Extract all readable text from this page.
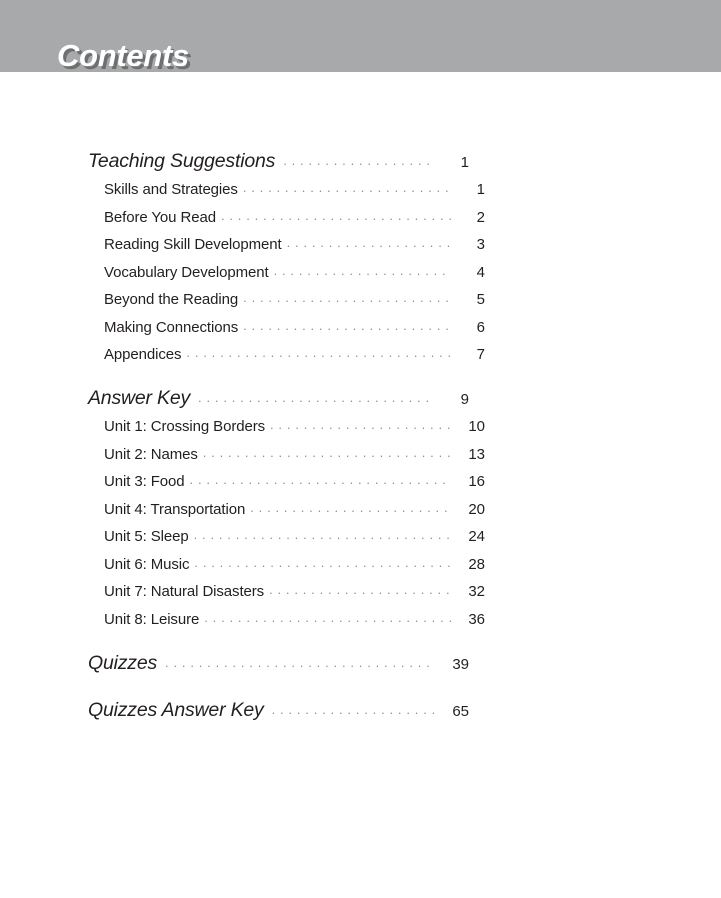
Contents
Teaching Suggestions . . .	1
Skills and Strategies . . .	1
Before You Read . . .	2
Reading Skill Development . . .	3
Vocabulary Development . . .	4
Beyond the Reading . . .	5
Making Connections . . .	6
Appendices . . .	7
Answer Key . . .	9
Unit 1: Crossing Borders . . .	10
Unit 2: Names . . .	13
Unit 3: Food . . .	16
Unit 4: Transportation . . .	20
Unit 5: Sleep . . .	24
Unit 6: Music . . .	28
Unit 7: Natural Disasters . . .	32
Unit 8: Leisure . . .	36
Quizzes . . .	39
Quizzes Answer Key . . .	65
